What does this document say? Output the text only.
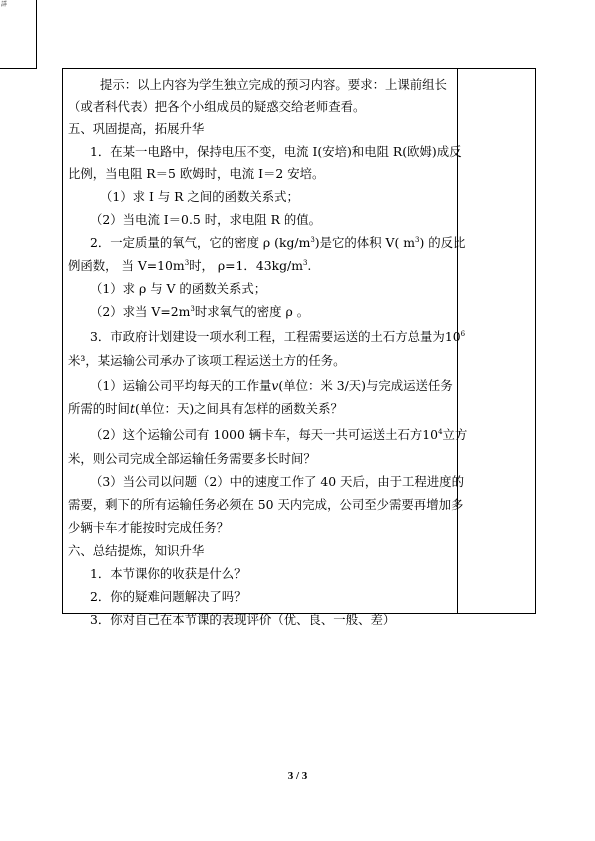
詳
提示：以上内容为学生独立完成的预习内容。要求：上课前组长
（或者科代表）把各个小组成员的疑惑交给老师查看。
五、巩固提高，拓展升华
1．在某一电路中，保持电压不变，电流 I(安培)和电阻 R(欧姆)成反
比例，当电阻 R＝5 欧姆时，电流 I＝2 安培。
（1）求 I 与 R 之间的函数关系式；
（2）当电流 I＝0.5 时，求电阻 R 的值。
2．一定质量的氧气，它的密度 ρ $(kg/m^3)$是它的体积 V( $m^3$) 的反比
例函数， 当 $V=10m^3$时， ρ=1．$43kg/m^3$.
（1）求 ρ 与 V 的函数关系式；
（2）求当 $V=2m^3$时求氧气的密度 ρ 。
3．市政府计划建设一项水利工程，工程需要运送的土石方总量为$10^6$
米³，某运输公司承办了该项工程运送土方的任务。
（1）运输公司平均每天的工作量v(单位：米 3/天)与完成运送任务
所需的时间t(单位：天)之间具有怎样的函数关系？
（2）这个运输公司有 1000 辆卡车，每天一共可运送土石方$10^4$立方
米，则公司完成全部运输任务需要多长时间？
（3）当公司以问题（2）中的速度工作了 40 天后，由于工程进度的
需要，剩下的所有运输任务必须在 50 天内完成，公司至少需要再增加多
少辆卡车才能按时完成任务？
六、总结提炼，知识升华
1．本节课你的收获是什么？
2．你的疑难问题解决了吗？
3．你对自己在本节课的表现评价（优、良、一般、差）
3 / 3
